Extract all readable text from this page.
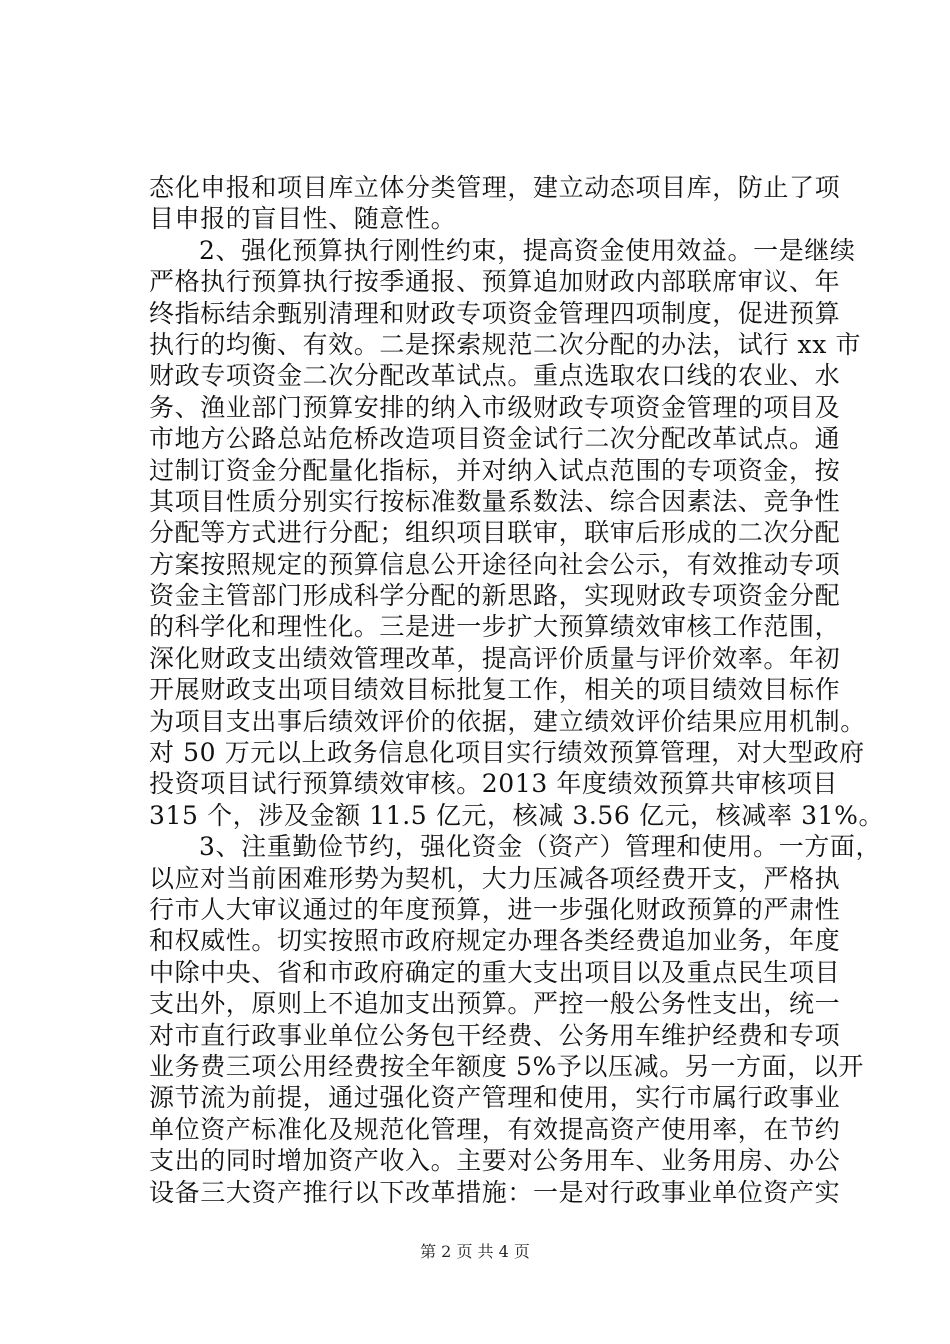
态化申报和项目库立体分类管理，建立动态项目库，防止了项
目申报的盲目性、随意性。
2、强化预算执行刚性约束，提高资金使用效益。一是继续
严格执行预算执行按季通报、预算追加财政内部联席审议、年
终指标结余甄别清理和财政专项资金管理四项制度，促进预算
执行的均衡、有效。二是探索规范二次分配的办法，试行 xx 市
财政专项资金二次分配改革试点。重点选取农口线的农业、水
务、渔业部门预算安排的纳入市级财政专项资金管理的项目及
市地方公路总站危桥改造项目资金试行二次分配改革试点。通
过制订资金分配量化指标，并对纳入试点范围的专项资金，按
其项目性质分别实行按标准数量系数法、综合因素法、竞争性
分配等方式进行分配；组织项目联审，联审后形成的二次分配
方案按照规定的预算信息公开途径向社会公示，有效推动专项
资金主管部门形成科学分配的新思路，实现财政专项资金分配
的科学化和理性化。三是进一步扩大预算绩效审核工作范围，
深化财政支出绩效管理改革，提高评价质量与评价效率。年初
开展财政支出项目绩效目标批复工作，相关的项目绩效目标作
为项目支出事后绩效评价的依据，建立绩效评价结果应用机制。
对 50 万元以上政务信息化项目实行绩效预算管理，对大型政府
投资项目试行预算绩效审核。2013 年度绩效预算共审核项目
315 个，涉及金额 11.5 亿元，核减 3.56 亿元，核减率 31%。
3、注重勤俭节约，强化资金（资产）管理和使用。一方面，
以应对当前困难形势为契机，大力压减各项经费开支，严格执
行市人大审议通过的年度预算，进一步强化财政预算的严肃性
和权威性。切实按照市政府规定办理各类经费追加业务，年度
中除中央、省和市政府确定的重大支出项目以及重点民生项目
支出外，原则上不追加支出预算。严控一般公务性支出，统一
对市直行政事业单位公务包干经费、公务用车维护经费和专项
业务费三项公用经费按全年额度 5%予以压减。另一方面，以开
源节流为前提，通过强化资产管理和使用，实行市属行政事业
单位资产标准化及规范化管理，有效提高资产使用率，在节约
支出的同时增加资产收入。主要对公务用车、业务用房、办公
设备三大资产推行以下改革措施：一是对行政事业单位资产实
第 2 页 共 4 页
